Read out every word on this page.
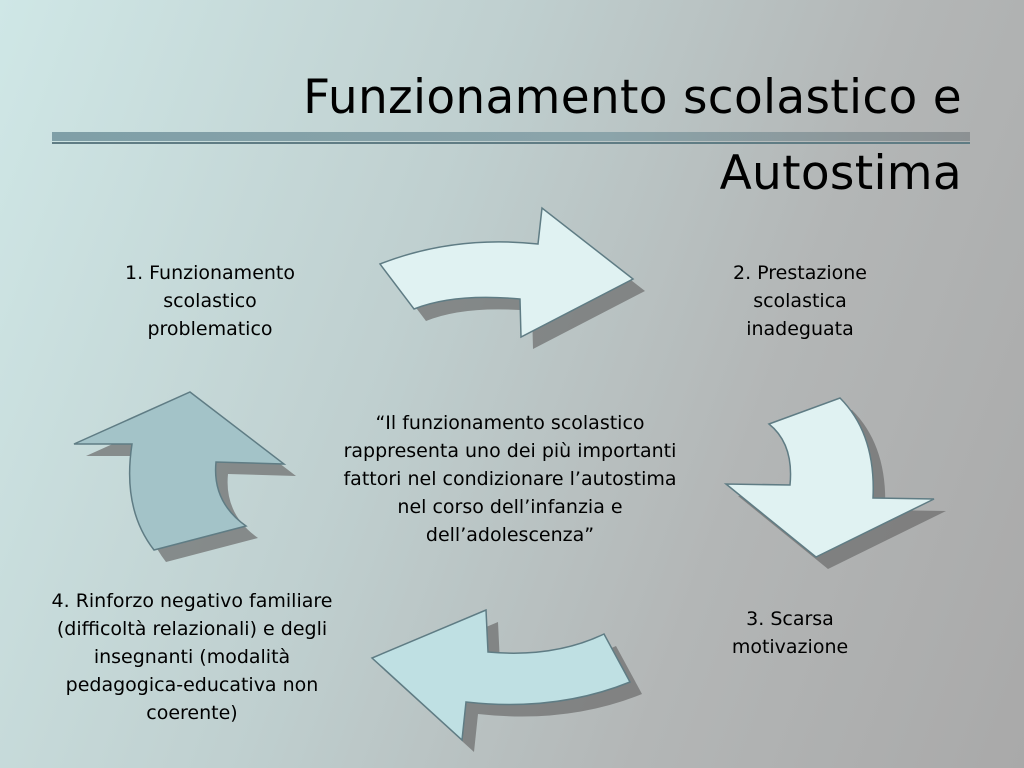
Funzionamento scolastico e
Autostima
1. Funzionamento
scolastico
problematico
2. Prestazione
scolastica
inadeguata
3. Scarsa
motivazione
4. Rinforzo negativo familiare
(difficoltà relazionali) e degli
insegnanti (modalità
pedagogica-educativa non
coerente)
“Il funzionamento scolastico
rappresenta uno dei più importanti
fattori nel condizionare l’autostima
nel corso dell’infanzia e
dell’adolescenza”
